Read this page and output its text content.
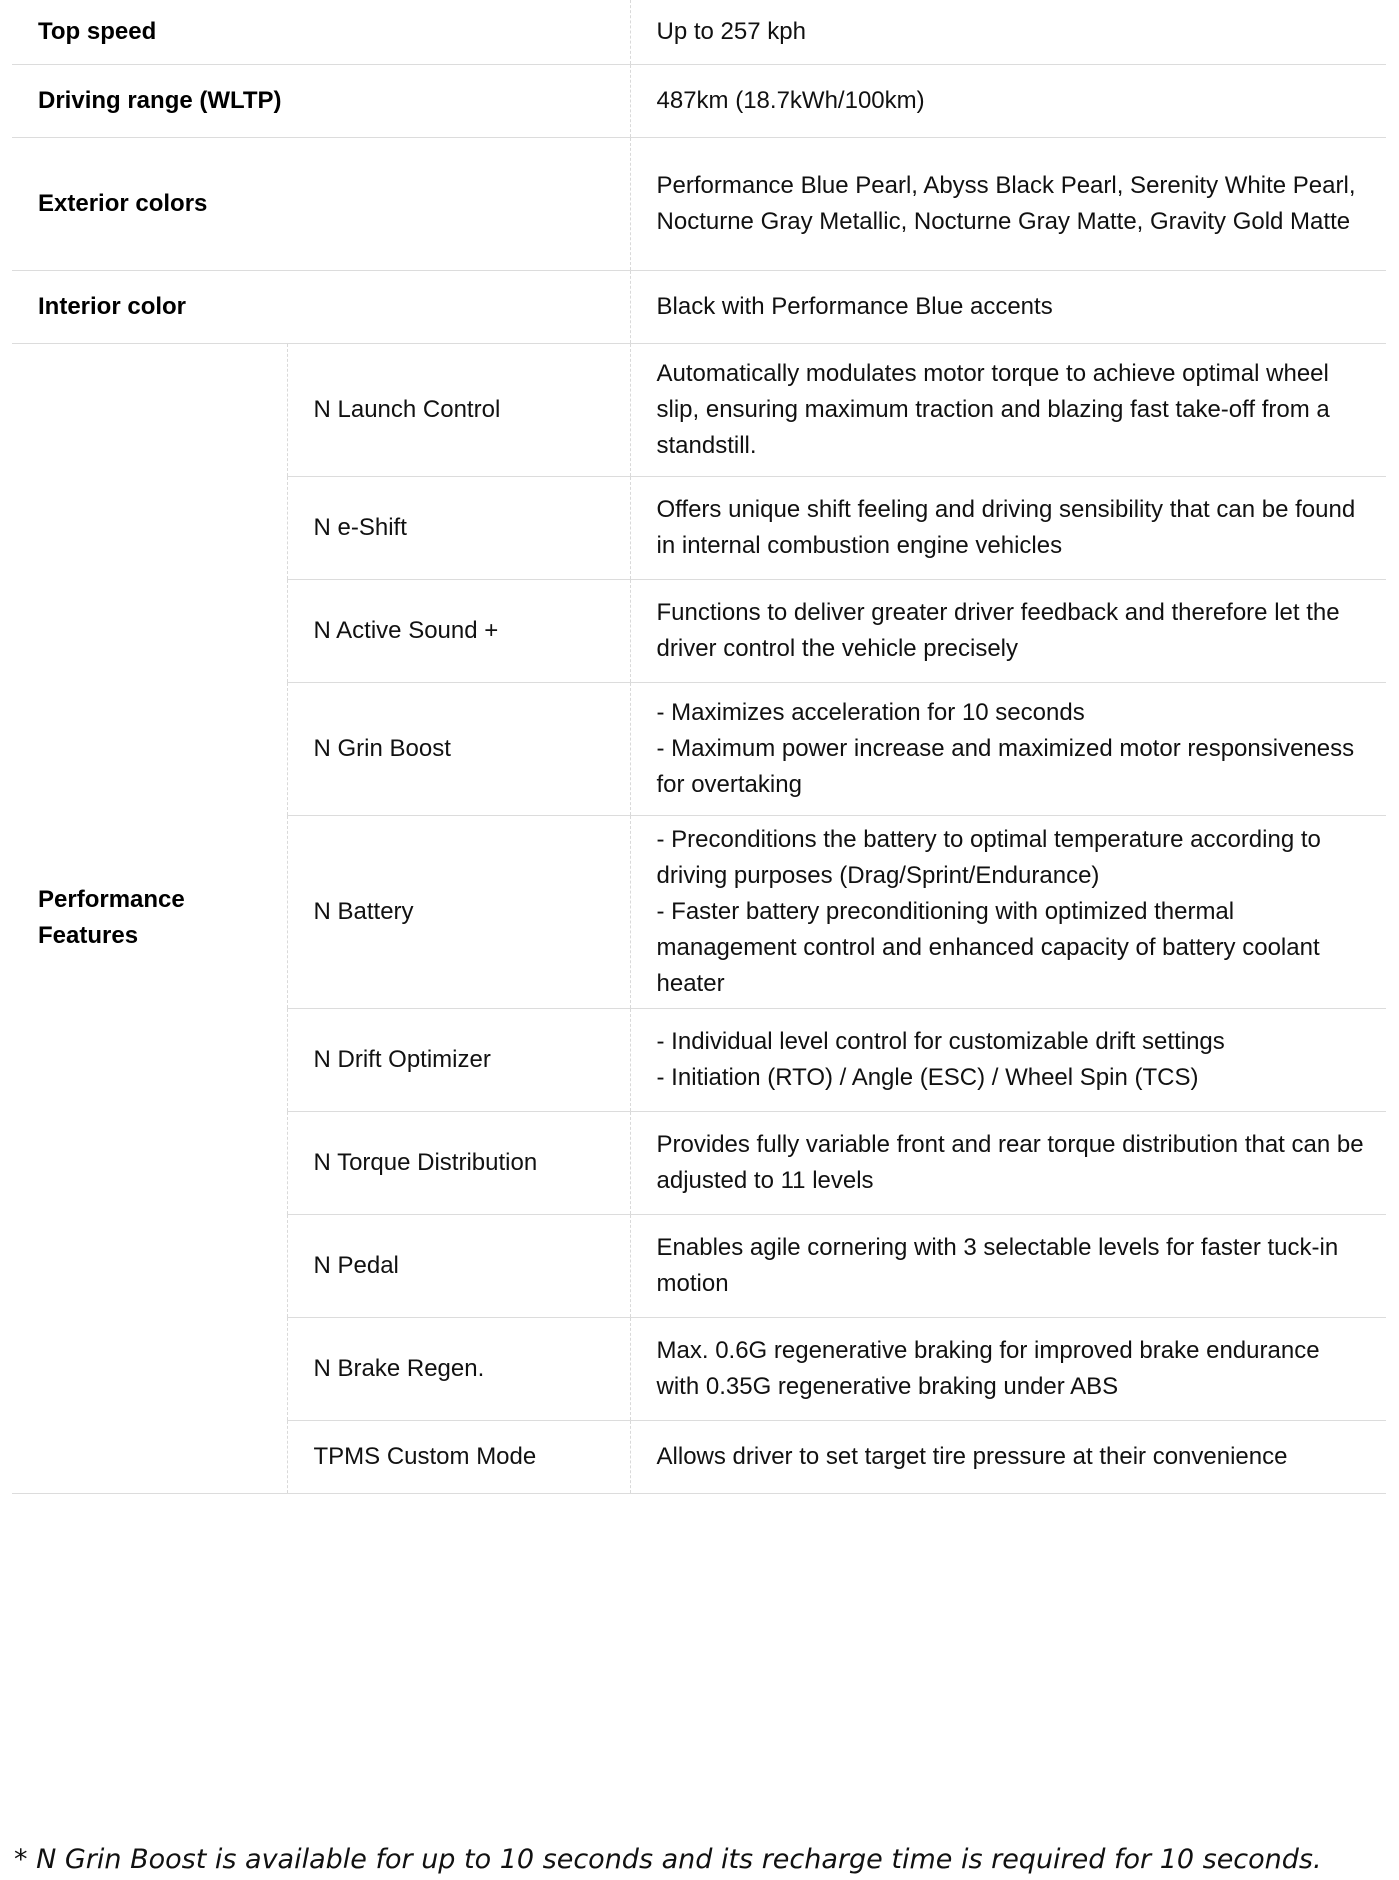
Top speed		Up to 257 kph
Driving range (WLTP)		487km (18.7kWh/100km)
Exterior colors		Performance Blue Pearl, Abyss Black Pearl, Serenity White Pearl, Nocturne Gray Metallic, Nocturne Gray Matte, Gravity Gold Matte
Interior color		Black with Performance Blue accents
Performance
Features	N Launch Control	Automatically modulates motor torque to achieve optimal wheel slip, ensuring maximum traction and blazing fast take-off from a standstill.
	N e-Shift	Offers unique shift feeling and driving sensibility that can be found in internal combustion engine vehicles
	N Active Sound +	Functions to deliver greater driver feedback and therefore let the driver control the vehicle precisely
	N Grin Boost	- Maximizes acceleration for 10 seconds
- Maximum power increase and maximized motor responsiveness for overtaking
	N Battery	- Preconditions the battery to optimal temperature according to driving purposes (Drag/Sprint/Endurance)
- Faster battery preconditioning with optimized thermal management control and enhanced capacity of battery coolant heater
	N Drift Optimizer	- Individual level control for customizable drift settings
- Initiation (RTO) / Angle (ESC) / Wheel Spin (TCS)
	N Torque Distribution	Provides fully variable front and rear torque distribution that can be adjusted to 11 levels
	N Pedal	Enables agile cornering with 3 selectable levels for faster tuck-in motion
	N Brake Regen.	Max. 0.6G regenerative braking for improved brake endurance with 0.35G regenerative braking under ABS
	TPMS Custom Mode	Allows driver to set target tire pressure at their convenience
* N Grin Boost is available for up to 10 seconds and its recharge time is required for 10 seconds.
